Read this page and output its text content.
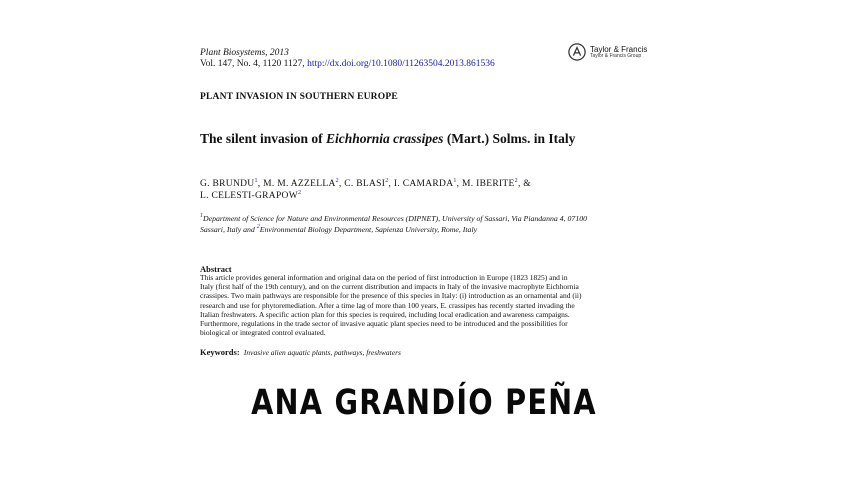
Plant Biosystems, 2013
Vol. 147, No. 4, 1120 1127, http://dx.doi.org/10.1080/11263504.2013.861536
Taylor & Francis
Taylor & Francis Group
PLANT INVASION IN SOUTHERN EUROPE
The silent invasion of Eichhornia crassipes (Mart.) Solms. in Italy
G. BRUNDU$^1$, M. M. AZZELLA$^2$, C. BLASI$^2$, I. CAMARDA$^1$, M. IBERITE$^2$, &
L. CELESTI-GRAPOW$^2$
$^1$Department of Science for Nature and Environmental Resources (DIPNET), University of Sassari, Via Piandanna 4, 07100
Sassari, Italy and $^2$Environmental Biology Department, Sapienza University, Rome, Italy
Abstract
This article provides general information and original data on the period of first introduction in Europe (1823 1825) and in
Italy (first half of the 19th century), and on the current distribution and impacts in Italy of the invasive macrophyte Eichhornia
crassipes. Two main pathways are responsible for the presence of this species in Italy: (i) introduction as an ornamental and (ii)
research and use for phytoremediation. After a time lag of more than 100 years, E. crassipes has recently started invading the
Italian freshwaters. A specific action plan for this species is required, including local eradication and awareness campaigns.
Furthermore, regulations in the trade sector of invasive aquatic plant species need to be introduced and the possibilities for
biological or integrated control evaluated.
Keywords: Invasive alien aquatic plants, pathways, freshwaters
ANA GRANDÍO PEÑA
